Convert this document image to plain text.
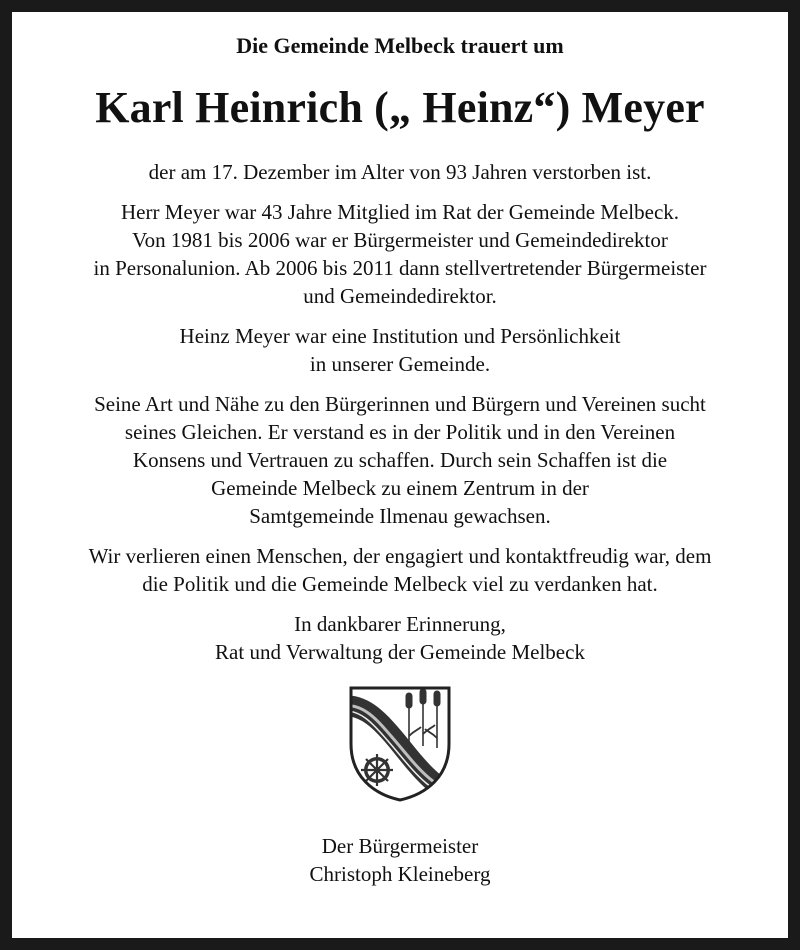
Die Gemeinde Melbeck trauert um
Karl Heinrich („ Heinz“) Meyer

der am 17. Dezember im Alter von 93 Jahren verstorben ist.

Herr Meyer war 43 Jahre Mitglied im Rat der Gemeinde Melbeck.
Von 1981 bis 2006 war er Bürgermeister und Gemeindedirektor
in Personalunion. Ab 2006 bis 2011 dann stellvertretender Bürgermeister
und Gemeindedirektor.

Heinz Meyer war eine Institution und Persönlichkeit
in unserer Gemeinde.

Seine Art und Nähe zu den Bürgerinnen und Bürgern und Vereinen sucht
seines Gleichen. Er verstand es in der Politik und in den Vereinen
Konsens und Vertrauen zu schaffen. Durch sein Schaffen ist die
Gemeinde Melbeck zu einem Zentrum in der
Samtgemeinde Ilmenau gewachsen.

Wir verlieren einen Menschen, der engagiert und kontaktfreudig war, dem
die Politik und die Gemeinde Melbeck viel zu verdanken hat.

In dankbarer Erinnerung,
Rat und Verwaltung der Gemeinde Melbeck

Der Bürgermeister
Christoph Kleineberg
